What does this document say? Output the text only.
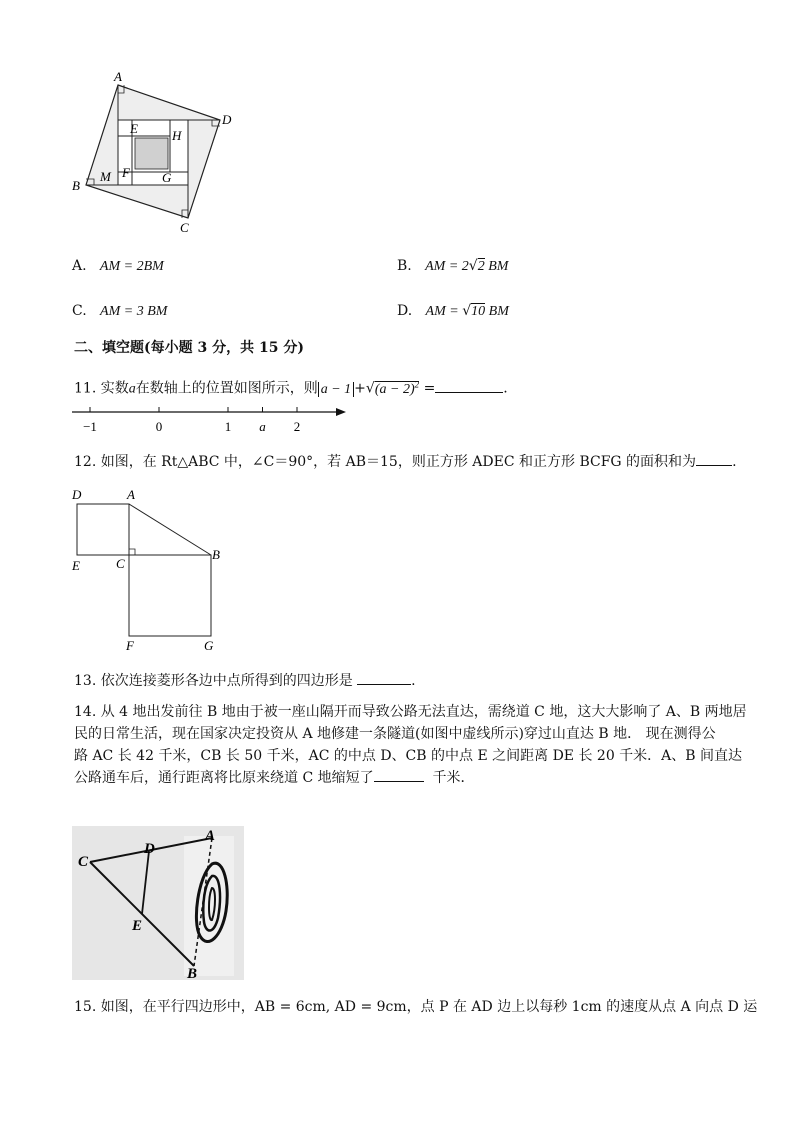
A
D
B
C
E	H
F G
M
A. AM = 2BM	B. AM = 2√2 BM
C. AM = 3 BM	D. AM = √10 BM
二、填空题(每小题 3 分，共 15 分)
11. 实数a在数轴上的位置如图所示，则 $a - 1 +√(a - 2)^2$ =	.
−1	0	1 a 2
12. 如图，在 Rt△ABC 中，∠C＝90°，若 AB＝15，则正方形 ADEC 和正方形 BCFG 的面积和为	.
D	A
B
E	C
F	G
13. 依次连接菱形各边中点所得到的四边形是	.
14. 从 4 地出发前往 B 地由于被一座山隔开而导致公路无法直达，需绕道 C 地，这大大影响了 A、B 两地居
民的日常生活，现在国家决定投资从 A 地修建一条隧道(如图中虚线所示)穿过山直达 B 地． 现在测得公
路 AC 长 42 千米，CB 长 50 千米，AC 的中点 D、CB 的中点 E 之间距离 DE 长 20 千米．A、B 间直达
公路通车后，通行距离将比原来绕道 C 地缩短了	千米．
C
D
A
E
B
15. 如图，在平行四边形中，AB = 6cm, AD = 9cm，点 P 在 AD 边上以每秒 1cm 的速度从点 A 向点 D 运
